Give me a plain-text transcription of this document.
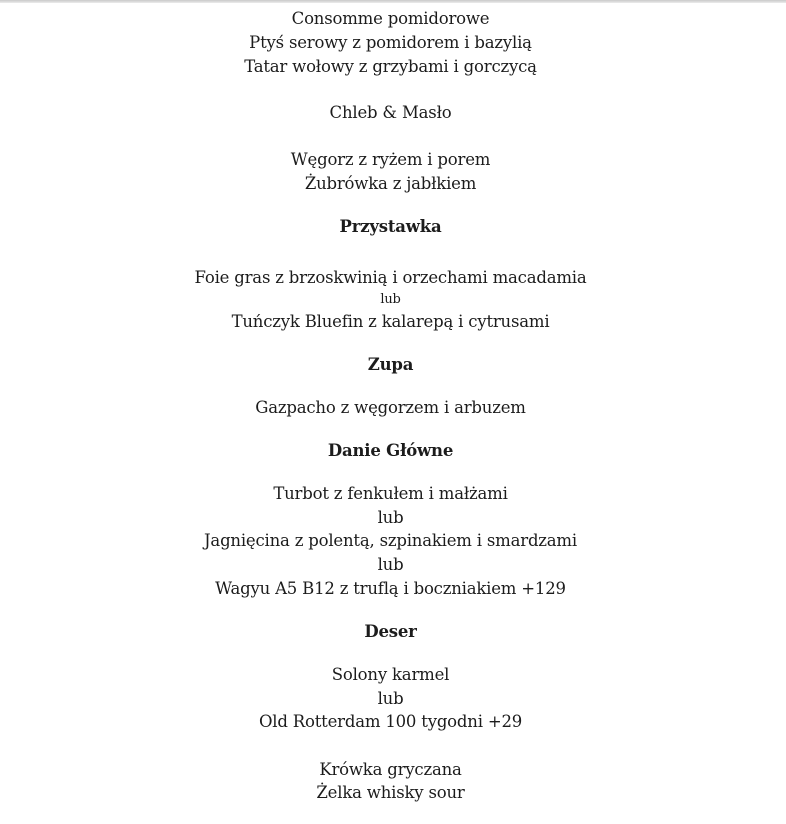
Consomme pomidorowe
Ptyś serowy z pomidorem i bazylią
Tatar wołowy z grzybami i gorczycą
Chleb & Masło
Węgorz z ryżem i porem
Żubrówka z jabłkiem
Przystawka
Foie gras z brzoskwinią i orzechami macadamia
lub
Tuńczyk Bluefin z kalarepą i cytrusami
Zupa
Gazpacho z węgorzem i arbuzem
Danie Główne
Turbot z fenkułem i małżami
lub
Jagnięcina z polentą, szpinakiem i smardzami
lub
Wagyu A5 B12 z truflą i boczniakiem +129
Deser
Solony karmel
lub
Old Rotterdam 100 tygodni +29
Krówka gryczana
Żelka whisky sour
